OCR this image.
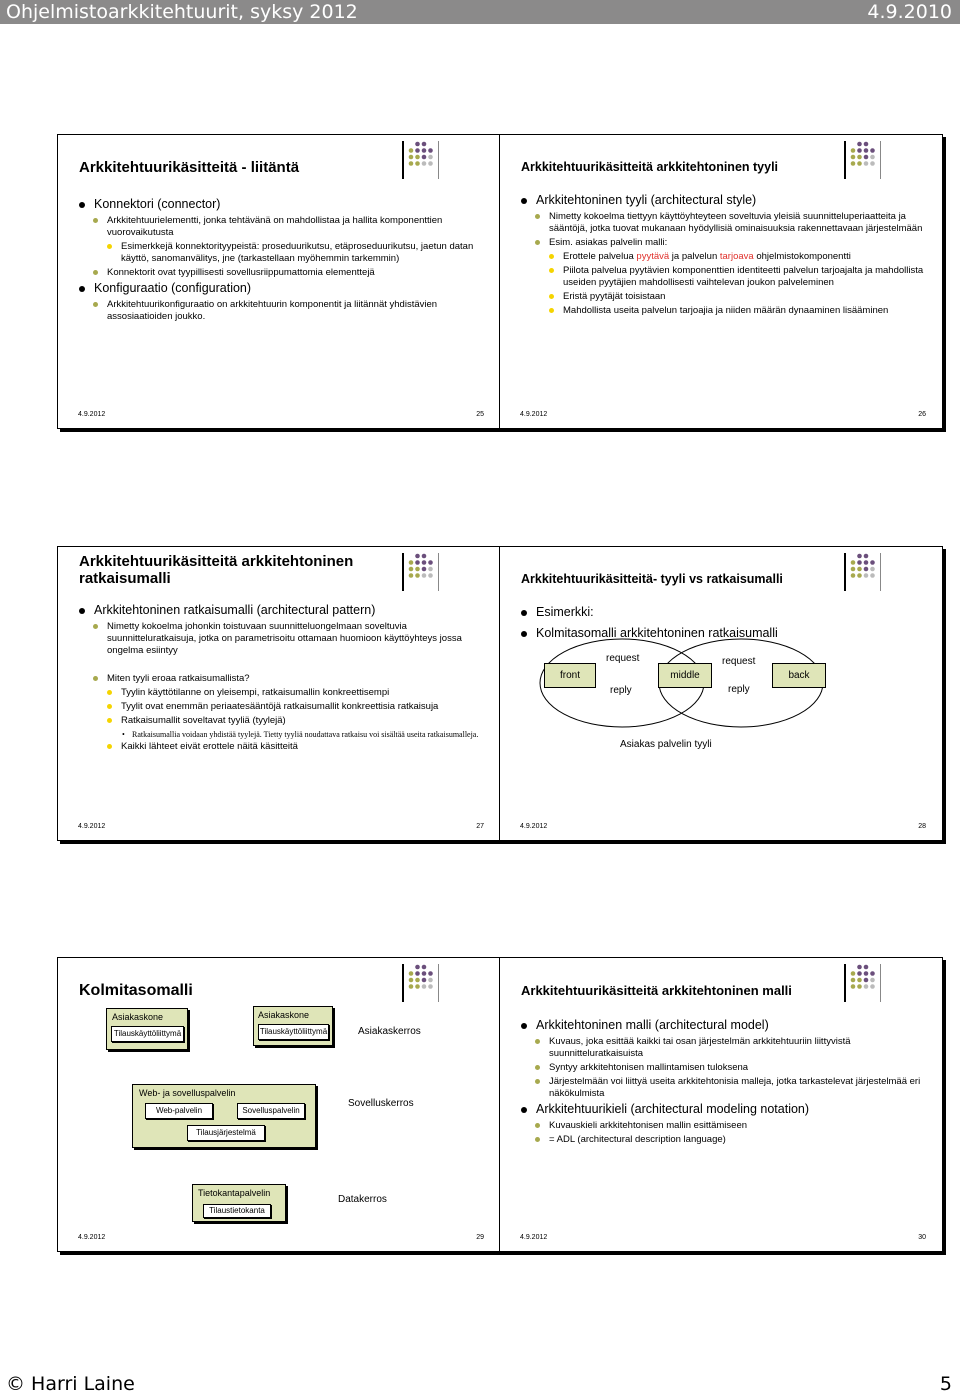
Ohjelmistoarkkitehtuurit, syksy 2012	4.9.2010
Arkkitehtuurikäsitteitä - liitäntä
Konnektori (connector)
Arkkitehtuurielementti, jonka tehtävänä on mahdollistaa ja hallita komponenttien vuorovaikutusta
Esimerkkejä konnektorityypeistä: proseduurikutsu, etäproseduurikutsu, jaetun datan käyttö, sanomanvälitys, jne (tarkastellaan myöhemmin tarkemmin)
Konnektorit ovat tyypillisesti sovellusriippumattomia elementtejä
Konfiguraatio (configuration)
Arkkitehtuurikonfiguraatio on arkkitehtuurin komponentit ja liitännät yhdistävien assosiaatioiden joukko.
4.9.2012	25
Arkkitehtuurikäsitteitä arkkitehtoninen tyyli
Arkkitehtoninen tyyli (architectural style)
Nimetty kokoelma tiettyyn käyttöyhteyteen soveltuvia yleisiä suunnitteluperiaatteita ja sääntöjä, jotka tuovat mukanaan hyödyllisiä ominaisuuksia rakennettavaan järjestelmään
Esim. asiakas palvelin malli:
Erottele palvelua pyytävä ja palvelun tarjoava ohjelmistokomponentti
Piilota palvelua pyytävien komponenttien identiteetti palvelun tarjoajalta ja mahdollista useiden pyytäjien mahdollisesti vaihtelevan joukon palveleminen
Eristä pyytäjät toisistaan
Mahdollista useita palvelun tarjoajia ja niiden määrän dynaaminen lisääminen
4.9.2012	26
Arkkitehtuurikäsitteitä arkkitehtoninen
ratkaisumalli
Arkkitehtoninen ratkaisumalli (architectural pattern)
Nimetty kokoelma johonkin toistuvaan suunnitteluongelmaan soveltuvia suunnitteluratkaisuja, jotka on parametrisoitu ottamaan huomioon käyttöyhteys jossa ongelma esiintyy
Miten tyyli eroaa ratkaisumallista?
Tyylin käyttötilanne on yleisempi, ratkaisumallin konkreettisempi
Tyylit ovat enemmän periaatesääntöjä ratkaisumallit konkreettisia ratkaisuja
Ratkaisumallit soveltavat tyyliä (tyylejä)
• Ratkaisumallia voidaan yhdistää tyylejä. Tietty tyyliä noudattava ratkaisu voi sisältää useita ratkaisumalleja.
Kaikki lähteet eivät erottele näitä käsitteitä
4.9.2012	27
Arkkitehtuurikäsitteitä- tyyli vs ratkaisumalli
Esimerkki:
Kolmitasomalli arkkitehtoninen ratkaisumalli
front	middle	back
request
reply
request
reply
Asiakas palvelin tyyli
4.9.2012	28
Kolmitasomalli
Asiakaskone
Tilauskäyttöliittymä
Asiakaskone
Tilauskäyttöliittymä	Asiakaskerros
Web- ja sovelluspalvelin
Web-palvelin	Sovelluspalvelin
Tilausjärjestelmä
Sovelluskerros
Tietokantapalvelin
Tilaustietokanta
Datakerros
4.9.2012	29
Arkkitehtuurikäsitteitä arkkitehtoninen malli
Arkkitehtoninen malli (architectural model)
Kuvaus, joka esittää kaikki tai osan järjestelmän arkkitehtuuriin liittyvistä suunnitteluratkaisuista
Syntyy arkkitehtonisen mallintamisen tuloksena
Järjestelmään voi liittyä useita arkkitehtonisia malleja, jotka tarkastelevat järjestelmää eri näkökulmista
Arkkitehtuurikieli (architectural modeling notation)
Kuvauskieli arkkitehtonisen mallin esittämiseen
= ADL (architectural description language)
4.9.2012	30
© Harri Laine	5
